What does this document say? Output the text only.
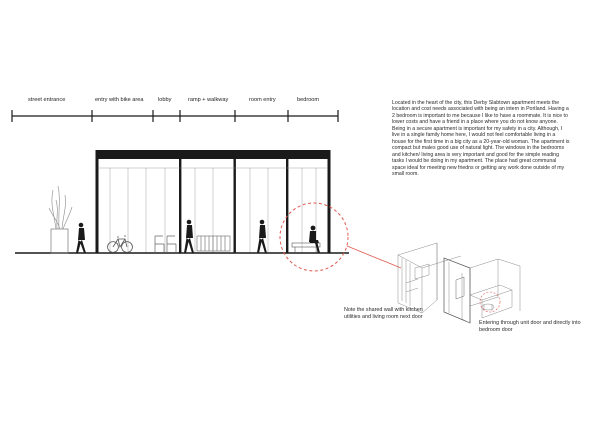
street entrance	entry with bike area	lobby	ramp + walkway	room entry	bedroom	Located in the heart of the city, this Derby Slabtown apartment meets the location and cost needs associated with being an intern in Portland. Having a 2 bedroom is important to me because I like to have a roommate. It is nice to lower costs and have a friend in a place where you do not know anyone. Being in a secure apartment is important for my safety in a city. Although, I live in a single family home here, I would not feel comfortable living in a house for the first time in a big city as a 20-year-old woman. The apartment is compact but males good use of natural light. The windows in the bedrooms and kitchen/ living area is very important and good for the simple reading tasks I would be doing in my apartment. The place had great communal space ideal for meeting new friedns or getting any work done outside of my small room.
Note the shared wall with kitchen utilities and living room next door
Entering through unit door and directly into bedroom door
